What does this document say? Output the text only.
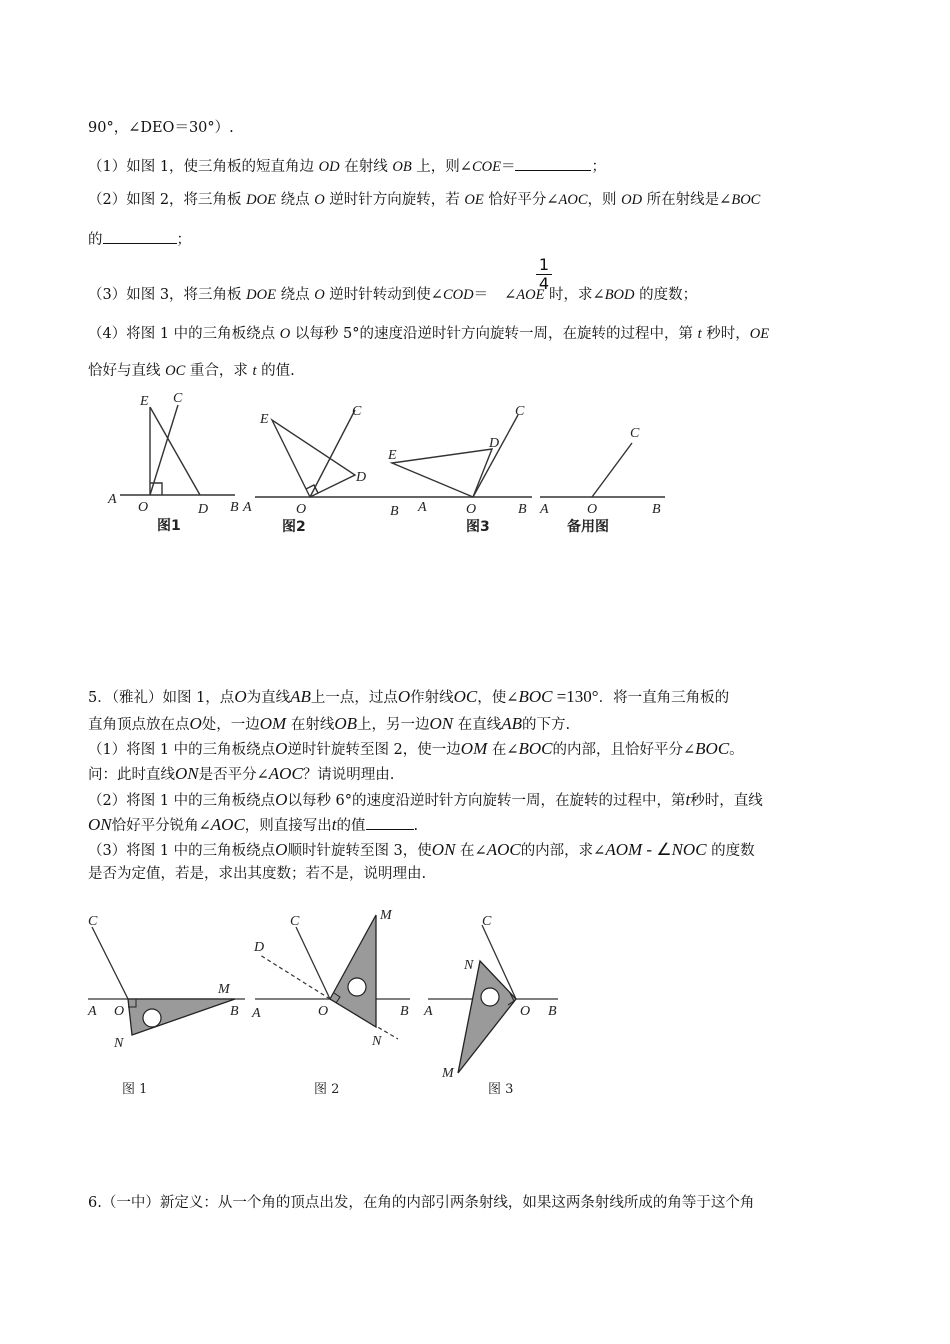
90°，∠DEO＝30°）.
（1）如图 1，使三角板的短直角边 OD 在射线 OB 上，则∠COE＝	；
（2）如图 2，将三角板 DOE 绕点 O 逆时针方向旋转，若 OE 恰好平分∠AOC，则 OD 所在射线是∠BOC
的	；
1
4
（3）如图 3，将三角板 DOE 绕点 O 逆时针转动到使∠COD＝ ∠AOE 时，求∠BOD 的度数；
（4）将图 1 中的三角板绕点 O 以每秒 5°的速度沿逆时针方向旋转一周，在旋转的过程中，第 t 秒时，OE
恰好与直线 OC 重合，求 t 的值.
E C
A
O	D B
图1
E
C
D
A	O	B
图2
E
C
D
A	O	B
图3
C
A	O	B
备用图
5．（雅礼）如图 1，点O为直线AB上一点，过点O作射线OC，使∠BOC =130°．将一直角三角板的
直角顶点放在点O处，一边OM 在射线OB上，另一边ON 在直线AB的下方.
（1）将图 1 中的三角板绕点O逆时针旋转至图 2，使一边OM 在∠BOC的内部，且恰好平分∠BOC。
问：此时直线ON是否平分∠AOC？请说明理由.
（2）将图 1 中的三角板绕点O以每秒 6°的速度沿逆时针方向旋转一周，在旋转的过程中，第t秒时，直线
ON恰好平分锐角∠AOC，则直接写出t的值	.
（3）将图 1 中的三角板绕点O顺时针旋转至图 3，使ON 在∠AOC的内部，求∠AOM - ∠NOC 的度数
是否为定值，若是，求出其度数；若不是，说明理由.
C
A O
M
B
N
图 1
D
C	M
A	O	B
N
图 2
C
N
A	O B
M
图 3
6.（一中）新定义：从一个角的顶点出发，在角的内部引两条射线，如果这两条射线所成的角等于这个角
